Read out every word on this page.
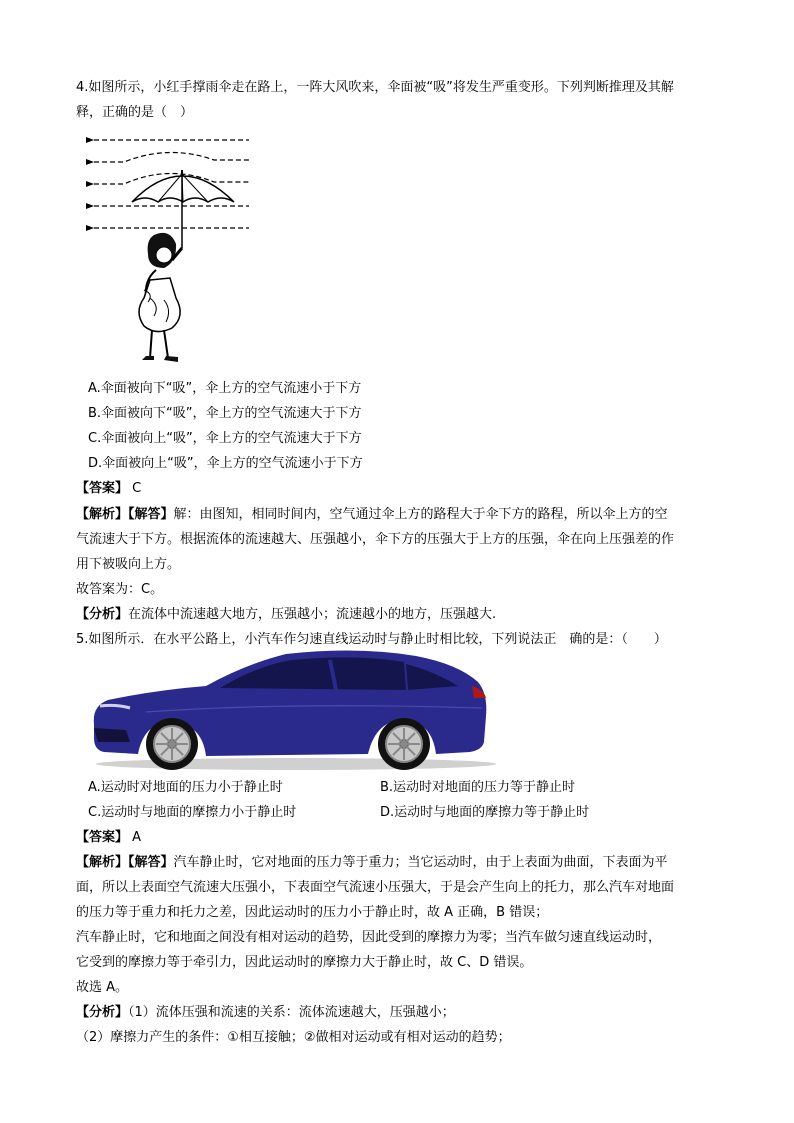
4.如图所示，小红手撑雨伞走在路上，一阵大风吹来，伞面被“吸”将发生严重变形。下列判断推理及其解
释，正确的是（　）
A.伞面被向下“吸”，伞上方的空气流速小于下方
B.伞面被向下“吸”，伞上方的空气流速大于下方
C.伞面被向上“吸”，伞上方的空气流速大于下方
D.伞面被向上“吸”，伞上方的空气流速小于下方
【答案】 C
【解析】【解答】解：由图知，相同时间内，空气通过伞上方的路程大于伞下方的路程，所以伞上方的空
气流速大于下方。根据流体的流速越大、压强越小，伞下方的压强大于上方的压强，伞在向上压强差的作
用下被吸向上方。
故答案为：C。
【分析】在流体中流速越大地方，压强越小；流速越小的地方，压强越大.
5.如图所示．在水平公路上，小汽车作匀速直线运动时与静止时相比较，下列说法正　确的是：（　　）
A.运动时对地面的压力小于静止时	B.运动时对地面的压力等于静止时
C.运动时与地面的摩擦力小于静止时	D.运动时与地面的摩擦力等于静止时
【答案】 A
【解析】【解答】汽车静止时，它对地面的压力等于重力；当它运动时，由于上表面为曲面，下表面为平
面，所以上表面空气流速大压强小，下表面空气流速小压强大，于是会产生向上的托力，那么汽车对地面
的压力等于重力和托力之差，因此运动时的压力小于静止时，故 A 正确，B 错误；
汽车静止时，它和地面之间没有相对运动的趋势，因此受到的摩擦力为零；当汽车做匀速直线运动时，
它受到的摩擦力等于牵引力，因此运动时的摩擦力大于静止时，故 C、D 错误。
故选 A。
【分析】（1）流体压强和流速的关系：流体流速越大，压强越小；
（2）摩擦力产生的条件：①相互接触；②做相对运动或有相对运动的趋势；
